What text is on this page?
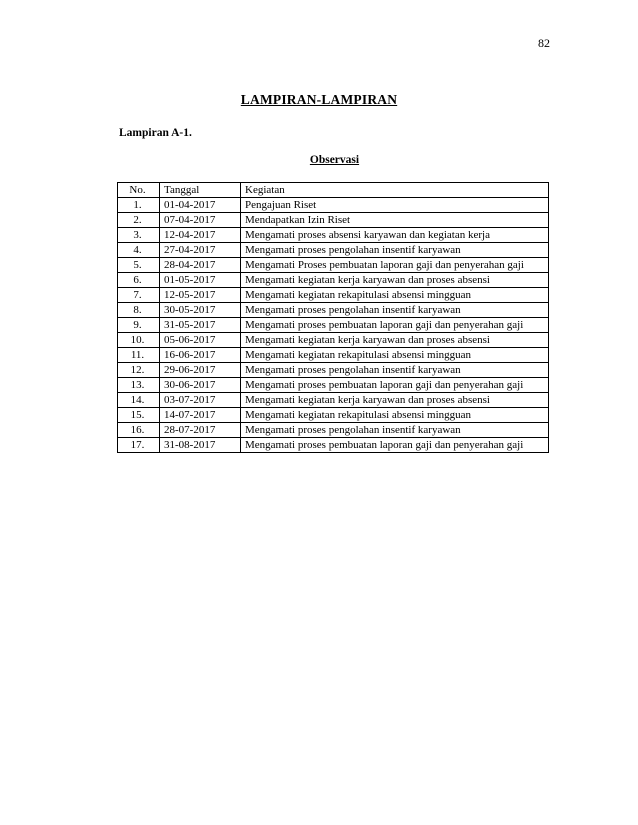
82
LAMPIRAN-LAMPIRAN
Lampiran A-1.
Observasi
No.	Tanggal	Kegiatan
1.	01-04-2017	Pengajuan Riset
2.	07-04-2017	Mendapatkan Izin Riset
3.	12-04-2017	Mengamati proses absensi karyawan dan kegiatan kerja
4.	27-04-2017	Mengamati proses pengolahan insentif karyawan
5.	28-04-2017	Mengamati Proses pembuatan laporan gaji dan penyerahan gaji
6.	01-05-2017	Mengamati kegiatan kerja karyawan dan proses absensi
7.	12-05-2017	Mengamati kegiatan rekapitulasi absensi mingguan
8.	30-05-2017	Mengamati proses pengolahan insentif karyawan
9.	31-05-2017	Mengamati proses pembuatan laporan gaji dan penyerahan gaji
10.	05-06-2017	Mengamati kegiatan kerja karyawan dan proses absensi
11.	16-06-2017	Mengamati kegiatan rekapitulasi absensi mingguan
12.	29-06-2017	Mengamati proses pengolahan insentif karyawan
13.	30-06-2017	Mengamati proses pembuatan laporan gaji dan penyerahan gaji
14.	03-07-2017	Mengamati kegiatan kerja karyawan dan proses absensi
15.	14-07-2017	Mengamati kegiatan rekapitulasi absensi mingguan
16.	28-07-2017	Mengamati proses pengolahan insentif karyawan
17.	31-08-2017	Mengamati proses pembuatan laporan gaji dan penyerahan gaji
